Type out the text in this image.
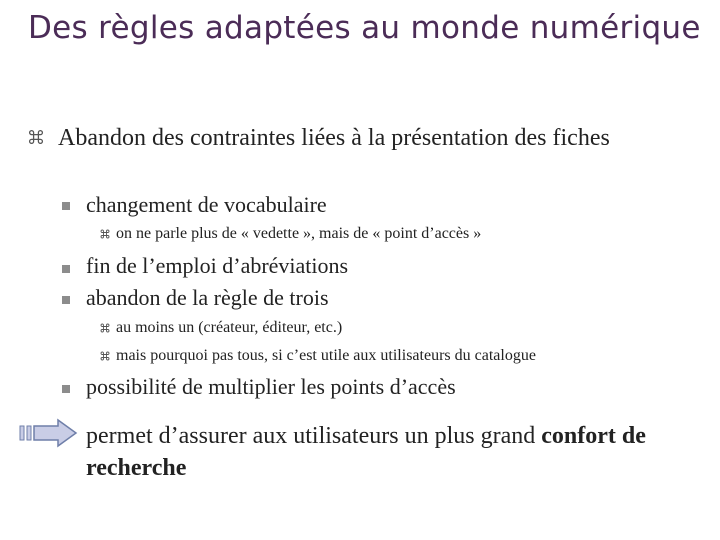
Des règles adaptées au monde numérique
Abandon des contraintes liées à la présentation des fiches
changement de vocabulaire
on ne parle plus de « vedette », mais de « point d’accès »
fin de l’emploi d’abréviations
abandon de la règle de trois
au moins un (créateur, éditeur, etc.)
mais pourquoi pas tous, si c’est utile aux utilisateurs du catalogue
possibilité de multiplier les points d’accès
permet d’assurer aux utilisateurs un plus grand confort de recherche
